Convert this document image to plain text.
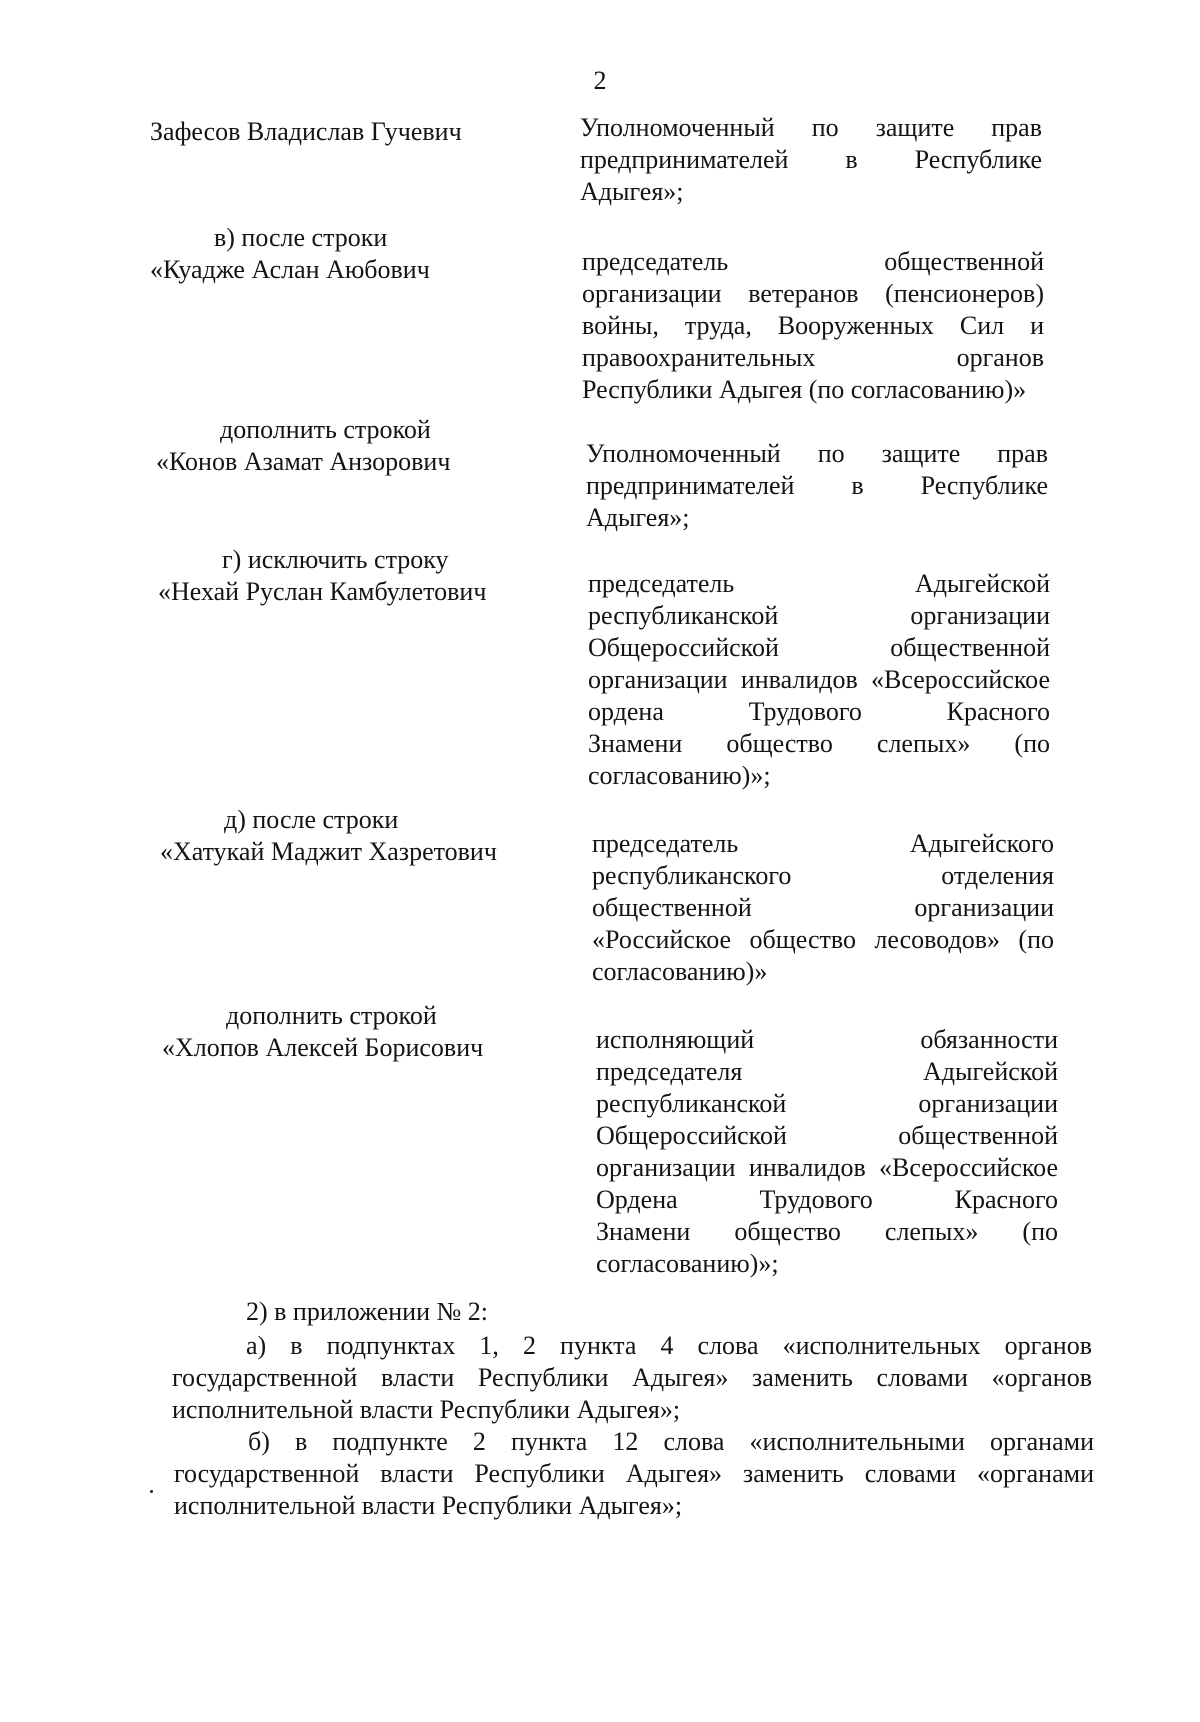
2
Зафесов Владислав Гучевич	Уполномоченный по защите прав
предпринимателей в Республике
Адыгея»;
в) после строки
«Куадже Аслан Аюбович	председатель общественной
организации ветеранов (пенсионеров)
войны, труда, Вооруженных Сил и
правоохранительных органов
Республики Адыгея (по согласованию)»
дополнить строкой
«Конов Азамат Анзорович	Уполномоченный по защите прав
предпринимателей в Республике
Адыгея»;
г) исключить строку
«Нехай Руслан Камбулетович	председатель Адыгейской
республиканской организации
Общероссийской общественной
организации инвалидов «Всероссийское
ордена Трудового Красного
Знамени общество слепых» (по
согласованию)»;
д) после строки
«Хатукай Маджит Хазретович	председатель Адыгейского
республиканского отделения
общественной организации
«Российское общество лесоводов» (по
согласованию)»
дополнить строкой
«Хлопов Алексей Борисович	исполняющий обязанности
председателя Адыгейской
республиканской организации
Общероссийской общественной
организации инвалидов «Всероссийское
Ордена Трудового Красного
Знамени общество слепых» (по
согласованию)»;
2) в приложении № 2:
а) в подпунктах 1, 2 пункта 4 слова «исполнительных органов
государственной власти Республики Адыгея» заменить словами «органов
исполнительной власти Республики Адыгея»;
б) в подпункте 2 пункта 12 слова «исполнительными органами
государственной власти Республики Адыгея» заменить словами «органами
исполнительной власти Республики Адыгея»;
